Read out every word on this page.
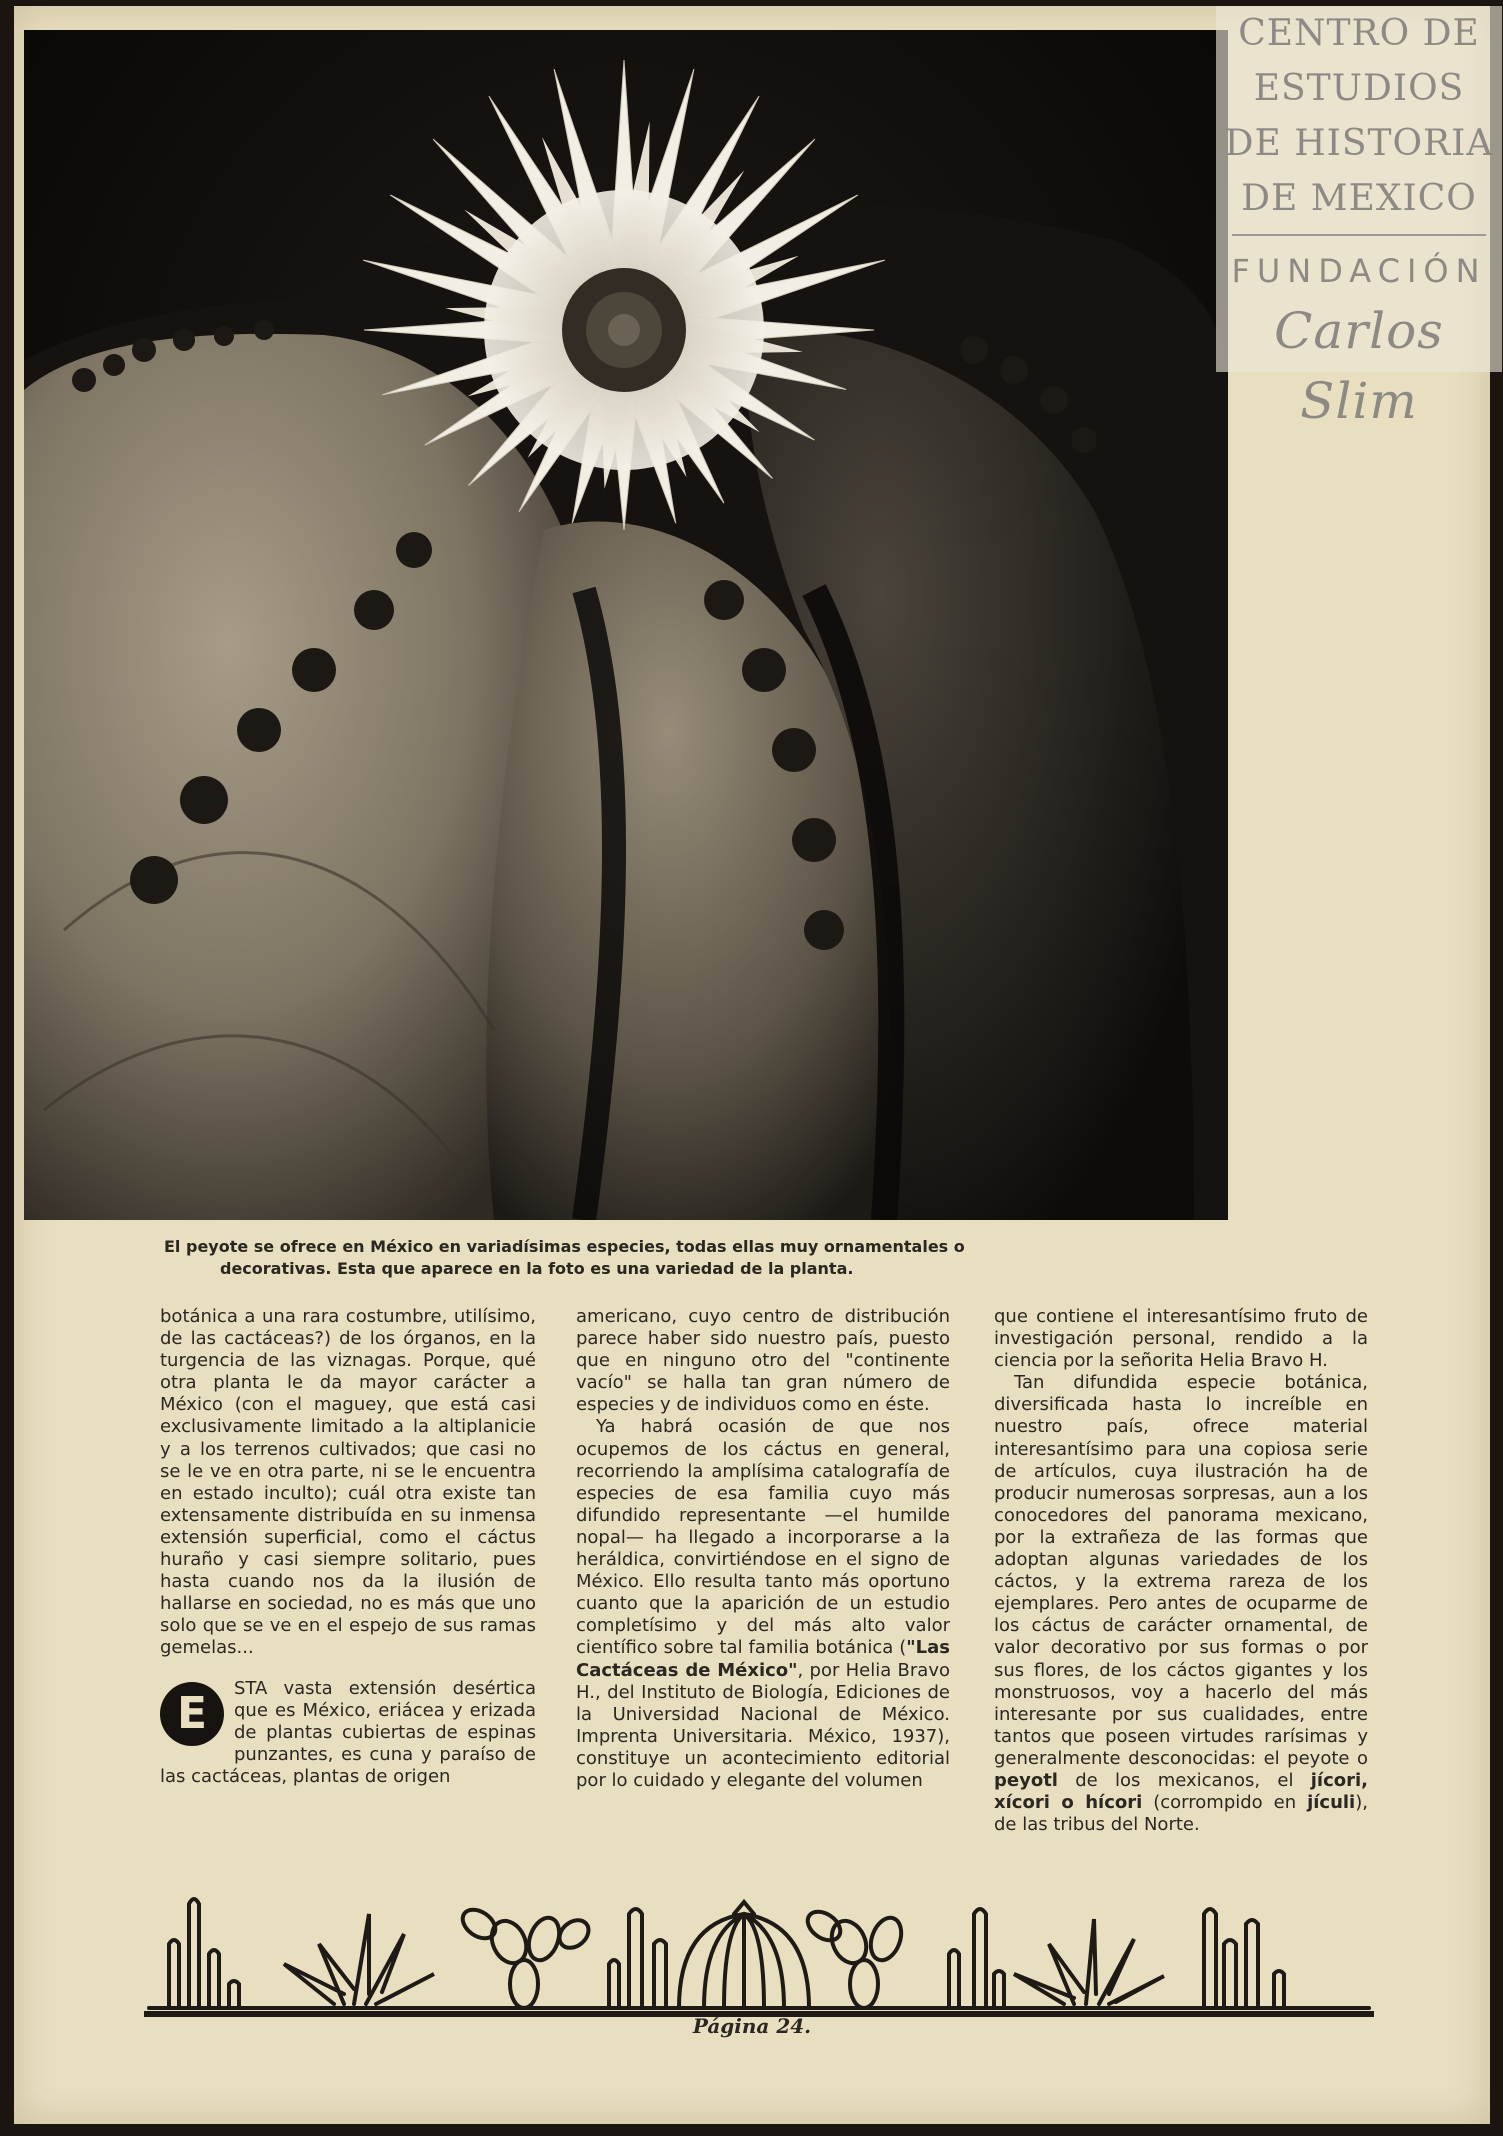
CENTRO DE
ESTUDIOS
DE HISTORIA
DE MEXICO
FUNDACIÓN
Carlos Slim
El peyote se ofrece en México en variadísimas especies, todas ellas muy ornamentales o
decorativas. Esta que aparece en la foto es una variedad de la planta.

botánica a una rara costumbre, utilísimo, de las cactáceas?) de los órganos, en la turgencia de las viznagas. Porque, qué otra planta le da mayor carácter a México (con el maguey, que está casi exclusivamente limitado a la altiplanicie y a los terrenos cultivados; que casi no se le ve en otra parte, ni se le encuentra en estado inculto); cuál otra existe tan extensamente distribuída en su inmensa extensión superficial, como el cáctus huraño y casi siempre solitario, pues hasta cuando nos da la ilusión de hallarse en sociedad, no es más que uno solo que se ve en el espejo de sus ramas gemelas...

E	STA vasta extensión desértica que es México, eriácea y erizada de plantas cubiertas de espinas punzantes, es cuna y paraíso de las cactáceas, plantas de origen

americano, cuyo centro de distribución parece haber sido nuestro país, puesto que en ninguno otro del "continente vacío" se halla tan gran número de especies y de individuos como en éste.

Ya habrá ocasión de que nos ocupemos de los cáctus en general, recorriendo la amplísima catalografía de especies de esa familia cuyo más difundido representante —el humilde nopal— ha llegado a incorporarse a la heráldica, convirtiéndose en el signo de México. Ello resulta tanto más oportuno cuanto que la aparición de un estudio completísimo y del más alto valor científico sobre tal familia botánica ("Las Cactáceas de México", por Helia Bravo H., del Instituto de Biología, Ediciones de la Universidad Nacional de México. Imprenta Universitaria. México, 1937), constituye un acontecimiento editorial por lo cuidado y elegante del volumen

que contiene el interesantísimo fruto de investigación personal, rendido a la ciencia por la señorita Helia Bravo H.

Tan difundida especie botánica, diversificada hasta lo increíble en nuestro país, ofrece material interesantísimo para una copiosa serie de artículos, cuya ilustración ha de producir numerosas sorpresas, aun a los conocedores del panorama mexicano, por la extrañeza de las formas que adoptan algunas variedades de los cáctos, y la extrema rareza de los ejemplares. Pero antes de ocuparme de los cáctus de carácter ornamental, de valor decorativo por sus formas o por sus flores, de los cáctos gigantes y los monstruosos, voy a hacerlo del más interesante por sus cualidades, entre tantos que poseen virtudes rarísimas y generalmente desconocidas: el peyote o peyotl de los mexicanos, el jícori, xícori o hícori (corrompido en jículi), de las tribus del Norte.

Página 24.
